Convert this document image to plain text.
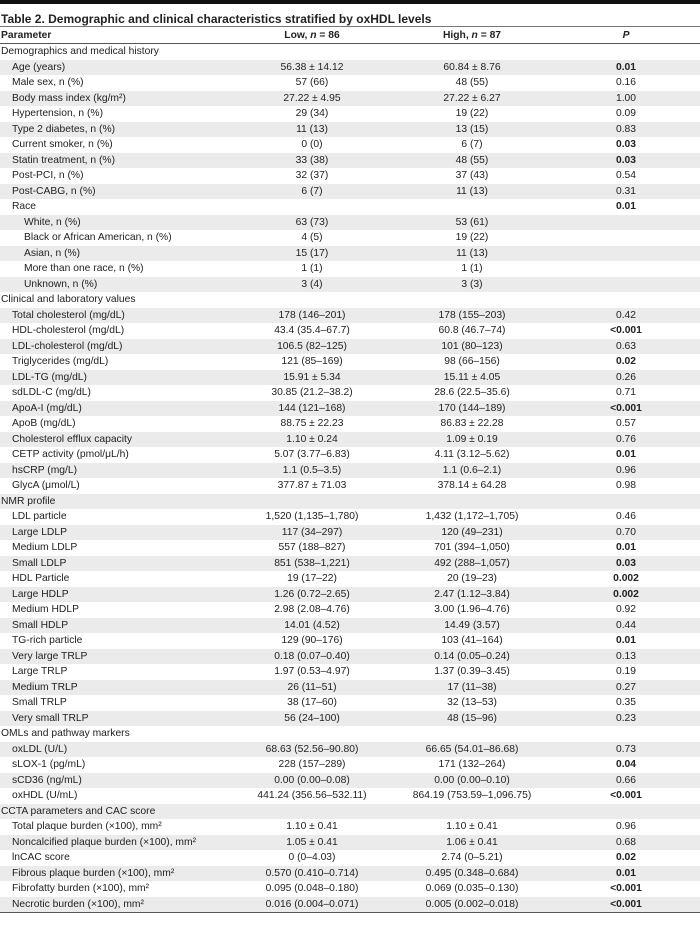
Table 2. Demographic and clinical characteristics stratified by oxHDL levels
Parameter	Low, n = 86	High, n = 87	P
Demographics and medical history			
Age (years)	56.38 ± 14.12	60.84 ± 8.76	0.01
Male sex, n (%)	57 (66)	48 (55)	0.16
Body mass index (kg/m²)	27.22 ± 4.95	27.22 ± 6.27	1.00
Hypertension, n (%)	29 (34)	19 (22)	0.09
Type 2 diabetes, n (%)	11 (13)	13 (15)	0.83
Current smoker, n (%)	0 (0)	6 (7)	0.03
Statin treatment, n (%)	33 (38)	48 (55)	0.03
Post-PCI, n (%)	32 (37)	37 (43)	0.54
Post-CABG, n (%)	6 (7)	11 (13)	0.31
Race			0.01
White, n (%)	63 (73)	53 (61)	
Black or African American, n (%)	4 (5)	19 (22)	
Asian, n (%)	15 (17)	11 (13)	
More than one race, n (%)	1 (1)	1 (1)	
Unknown, n (%)	3 (4)	3 (3)	
Clinical and laboratory values			
Total cholesterol (mg/dL)	178 (146–201)	178 (155–203)	0.42
HDL-cholesterol (mg/dL)	43.4 (35.4–67.7)	60.8 (46.7–74)	<0.001
LDL-cholesterol (mg/dL)	106.5 (82–125)	101 (80–123)	0.63
Triglycerides (mg/dL)	121 (85–169)	98 (66–156)	0.02
LDL-TG (mg/dL)	15.91 ± 5.34	15.11 ± 4.05	0.26
sdLDL-C (mg/dL)	30.85 (21.2–38.2)	28.6 (22.5–35.6)	0.71
ApoA-I (mg/dL)	144 (121–168)	170 (144–189)	<0.001
ApoB (mg/dL)	88.75 ± 22.23	86.83 ± 22.28	0.57
Cholesterol efflux capacity	1.10 ± 0.24	1.09 ± 0.19	0.76
CETP activity (pmol/μL/h)	5.07 (3.77–6.83)	4.11 (3.12–5.62)	0.01
hsCRP (mg/L)	1.1 (0.5–3.5)	1.1 (0.6–2.1)	0.96
GlycA (μmol/L)	377.87 ± 71.03	378.14 ± 64.28	0.98
NMR profile			
LDL particle	1,520 (1,135–1,780)	1,432 (1,172–1,705)	0.46
Large LDLP	117 (34–297)	120 (49–231)	0.70
Medium LDLP	557 (188–827)	701 (394–1,050)	0.01
Small LDLP	851 (538–1,221)	492 (288–1,057)	0.03
HDL Particle	19 (17–22)	20 (19–23)	0.002
Large HDLP	1.26 (0.72–2.65)	2.47 (1.12–3.84)	0.002
Medium HDLP	2.98 (2.08–4.76)	3.00 (1.96–4.76)	0.92
Small HDLP	14.01 (4.52)	14.49 (3.57)	0.44
TG-rich particle	129 (90–176)	103 (41–164)	0.01
Very large TRLP	0.18 (0.07–0.40)	0.14 (0.05–0.24)	0.13
Large TRLP	1.97 (0.53–4.97)	1.37 (0.39–3.45)	0.19
Medium TRLP	26 (11–51)	17 (11–38)	0.27
Small TRLP	38 (17–60)	32 (13–53)	0.35
Very small TRLP	56 (24–100)	48 (15–96)	0.23
OMLs and pathway markers			
oxLDL (U/L)	68.63 (52.56–90.80)	66.65 (54.01–86.68)	0.73
sLOX-1 (pg/mL)	228 (157–289)	171 (132–264)	0.04
sCD36 (ng/mL)	0.00 (0.00–0.08)	0.00 (0.00–0.10)	0.66
oxHDL (U/mL)	441.24 (356.56–532.11)	864.19 (753.59–1,096.75)	<0.001
CCTA parameters and CAC score			
Total plaque burden (×100), mm²	1.10 ± 0.41	1.10 ± 0.41	0.96
Noncalcified plaque burden (×100), mm²	1.05 ± 0.41	1.06 ± 0.41	0.68
lnCAC score	0 (0–4.03)	2.74 (0–5.21)	0.02
Fibrous plaque burden (×100), mm²	0.570 (0.410–0.714)	0.495 (0.348–0.684)	0.01
Fibrofatty burden (×100), mm²	0.095 (0.048–0.180)	0.069 (0.035–0.130)	<0.001
Necrotic burden (×100), mm²	0.016 (0.004–0.071)	0.005 (0.002–0.018)	<0.001
